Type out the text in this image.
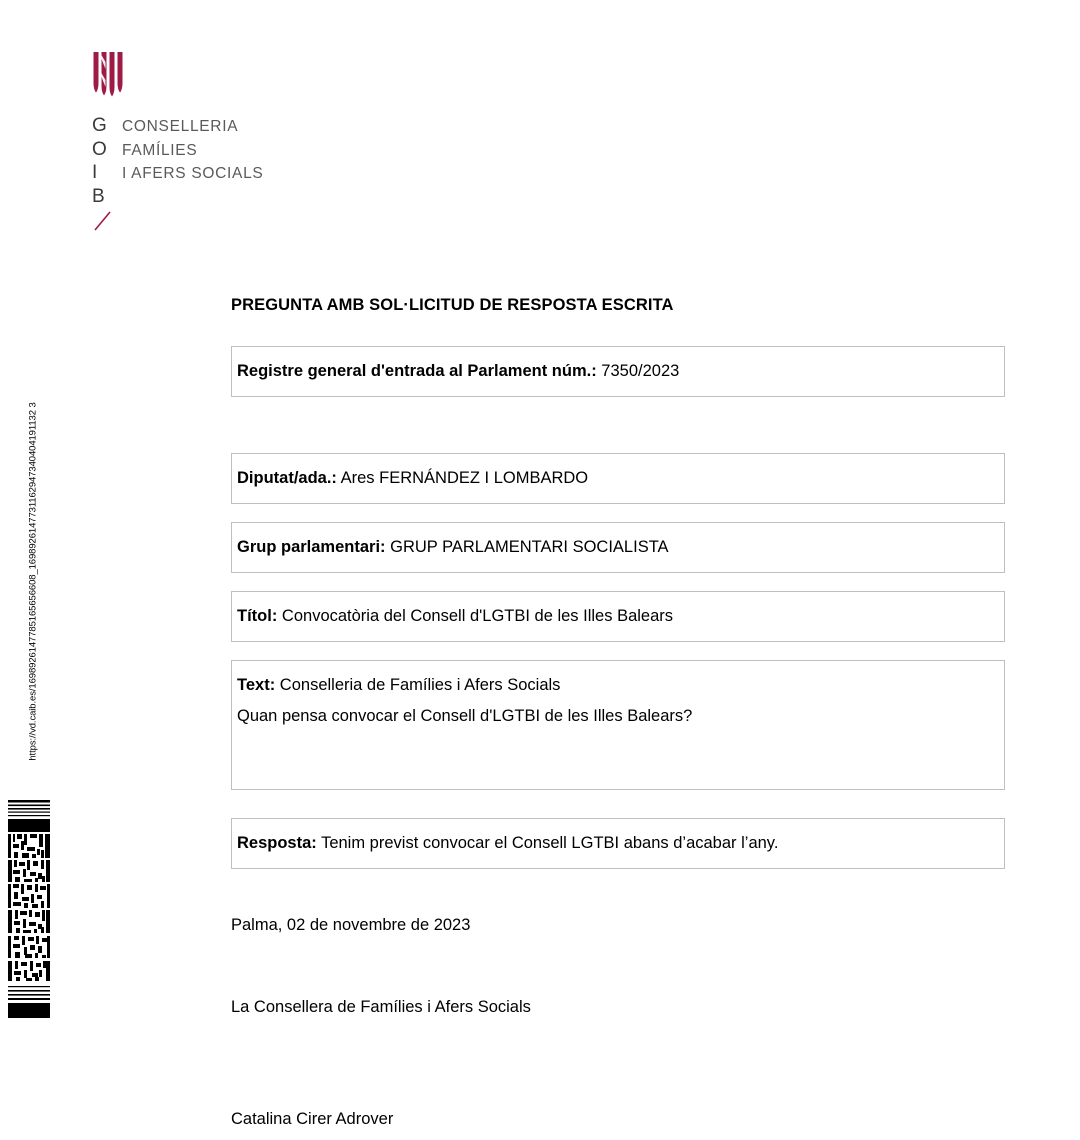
https://vd.caib.es/1698926147785165656608_1698926147731162947340404191132 3
G
O
I
B
CONSELLERIA
FAMÍLIES
I AFERS SOCIALS
PREGUNTA AMB SOL·LICITUD DE RESPOSTA ESCRITA
Registre general d'entrada al Parlament núm.: 7350/2023
Diputat/ada.: Ares FERNÁNDEZ I LOMBARDO
Grup parlamentari: GRUP PARLAMENTARI SOCIALISTA
Títol: Convocatòria del Consell d'LGTBI de les Illes Balears
Text: Conselleria de Famílies i Afers Socials
Quan pensa convocar el Consell d'LGTBI de les Illes Balears?
Resposta: Tenim previst convocar el Consell LGTBI abans d’acabar l’any.
Palma, 02 de novembre de 2023
La Consellera de Famílies i Afers Socials
Catalina Cirer Adrover
